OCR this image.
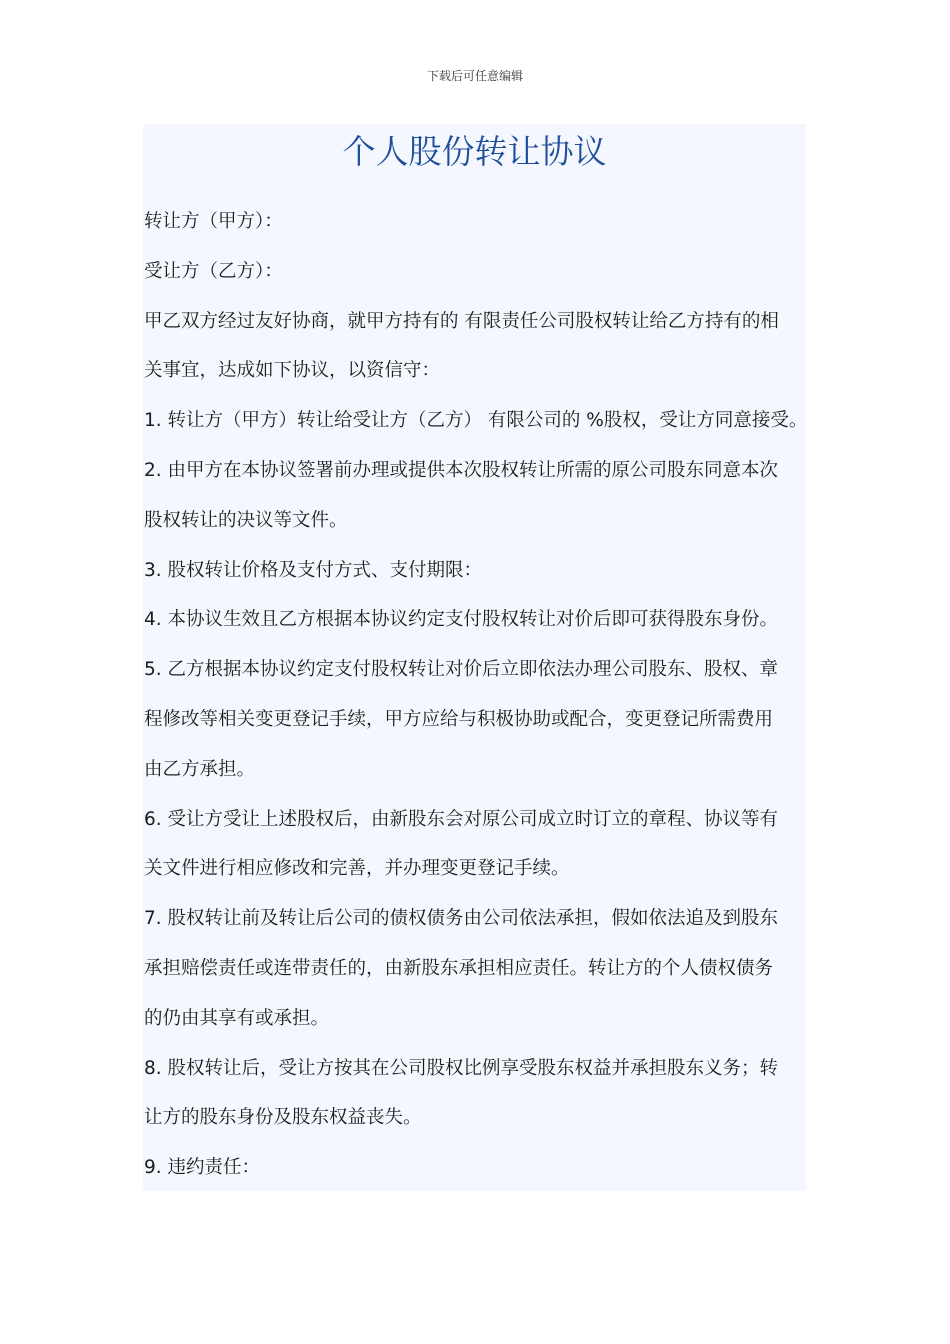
下载后可任意编辑
个人股份转让协议
转让方（甲方）：
受让方（乙方）：
甲乙双方经过友好协商，就甲方持有的 有限责任公司股权转让给乙方持有的相
关事宜，达成如下协议，以资信守：
1. 转让方（甲方）转让给受让方（乙方） 有限公司的 %股权，受让方同意接受。
2. 由甲方在本协议签署前办理或提供本次股权转让所需的原公司股东同意本次
股权转让的决议等文件。
3. 股权转让价格及支付方式、支付期限：
4. 本协议生效且乙方根据本协议约定支付股权转让对价后即可获得股东身份。
5. 乙方根据本协议约定支付股权转让对价后立即依法办理公司股东、股权、章
程修改等相关变更登记手续，甲方应给与积极协助或配合，变更登记所需费用
由乙方承担。
6. 受让方受让上述股权后，由新股东会对原公司成立时订立的章程、协议等有
关文件进行相应修改和完善，并办理变更登记手续。
7. 股权转让前及转让后公司的债权债务由公司依法承担，假如依法追及到股东
承担赔偿责任或连带责任的，由新股东承担相应责任。转让方的个人债权债务
的仍由其享有或承担。
8. 股权转让后，受让方按其在公司股权比例享受股东权益并承担股东义务；转
让方的股东身份及股东权益丧失。
9. 违约责任：
